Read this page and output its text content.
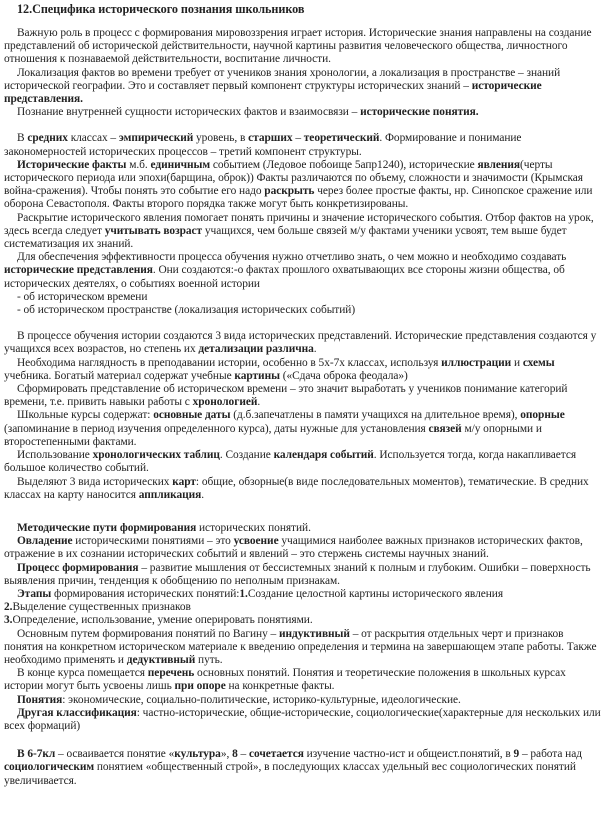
12.Специфика исторического познания школьников

Важную роль в процесс с формирования мировоззрения играет история. Исторические знания направлены на создание представлений об исторической действительности, научной картины развития человеческого общества, личностного отношения к познаваемой действительности, воспитание личности.

Локализация фактов во времени требует от учеников знания хронологии, а локализация в пространстве – знаний исторической географии. Это и составляет первый компонент структуры исторических знаний – исторические представления.

Познание внутренней сущности исторических фактов и взаимосвязи – исторические понятия.

В средних классах – эмпирический уровень, в старших – теоретический. Формирование и понимание закономерностей исторических процессов – третий компонент структуры.

Исторические факты м.б. единичным событием (Ледовое побоище 5апр1240), исторические явления(черты исторического периода или эпохи(барщина, оброк)) Факты различаются по объему, сложности и значимости (Крымская война-сражения). Чтобы понять это событие его надо раскрыть через более простые факты, нр. Синопское сражение или оборона Севастополя. Факты второго порядка также могут быть конкретизированы.

Раскрытие исторического явления помогает понять причины и значение исторического события. Отбор фактов на урок, здесь всегда следует учитывать возраст учащихся, чем больше связей м/у фактами ученики усвоят, тем выше будет систематизация их знаний.

Для обеспечения эффективности процесса обучения нужно отчетливо знать, о чем можно и необходимо создавать исторические представления. Они создаются:-о фактах прошлого охватывающих все стороны жизни общества, об исторических деятелях, о событиях военной истории

- об историческом времени

- об историческом пространстве (локализация исторических событий)

В процессе обучения истории создаются 3 вида исторических представлений. Исторические представления создаются у учащихся всех возрастов, но степень их детализации различна.

Необходима наглядность в преподавании истории, особенно в 5х-7х классах, используя иллюстрации и схемы учебника. Богатый материал содержат учебные картины («Сдача оброка феодала»)

Сформировать представление об историческом времени – это значит выработать у учеников понимание категорий времени, т.е. привить навыки работы с хронологией.

Школьные курсы содержат: основные даты (д.б.запечатлены в памяти учащихся на длительное время), опорные (запоминание в период изучения определенного курса), даты нужные для установления связей м/у опорными и второстепенными фактами.

Использование хронологических таблиц. Создание календаря событий. Используется тогда, когда накапливается большое количество событий.

Выделяют 3 вида исторических карт: общие, обзорные(в виде последовательных моментов), тематические. В средних классах на карту наносится аппликация.

Методические пути формирования исторических понятий.

Овладение историческими понятиями – это усвоение учащимися наиболее важных признаков исторических фактов, отражение в их сознании исторических событий и явлений – это стержень системы научных знаний.

Процесс формирования – развитие мышления от бессистемных знаний к полным и глубоким. Ошибки – поверхность выявления причин, тенденция к обобщению по неполным признакам.

Этапы формирования исторических понятий:1.Создание целостной картины исторического явления

2.Выделение существенных признаков

3.Определение, использование, умение оперировать понятиями.

Основным путем формирования понятий по Вагину – индуктивный – от раскрытия отдельных черт и признаков понятия на конкретном историческом материале к введению определения и термина на завершающем этапе работы. Также необходимо применять и дедуктивный путь.

В конце курса помещается перечень основных понятий. Понятия и теоретические положения в школьных курсах истории могут быть усвоены лишь при опоре на конкретные факты.

Понятия: экономические, социально-политические, историко-культурные, идеологические.

Другая классификация: частно-исторические, общие-исторические, социологические(характерные для нескольких или всех формаций)

В 6-7кл – осваивается понятие «культура», 8 – сочетается изучение частно-ист и общеист.понятий, в 9 – работа над социологическим понятием «общественный строй», в последующих классах удельный вес социологических понятий увеличивается.
